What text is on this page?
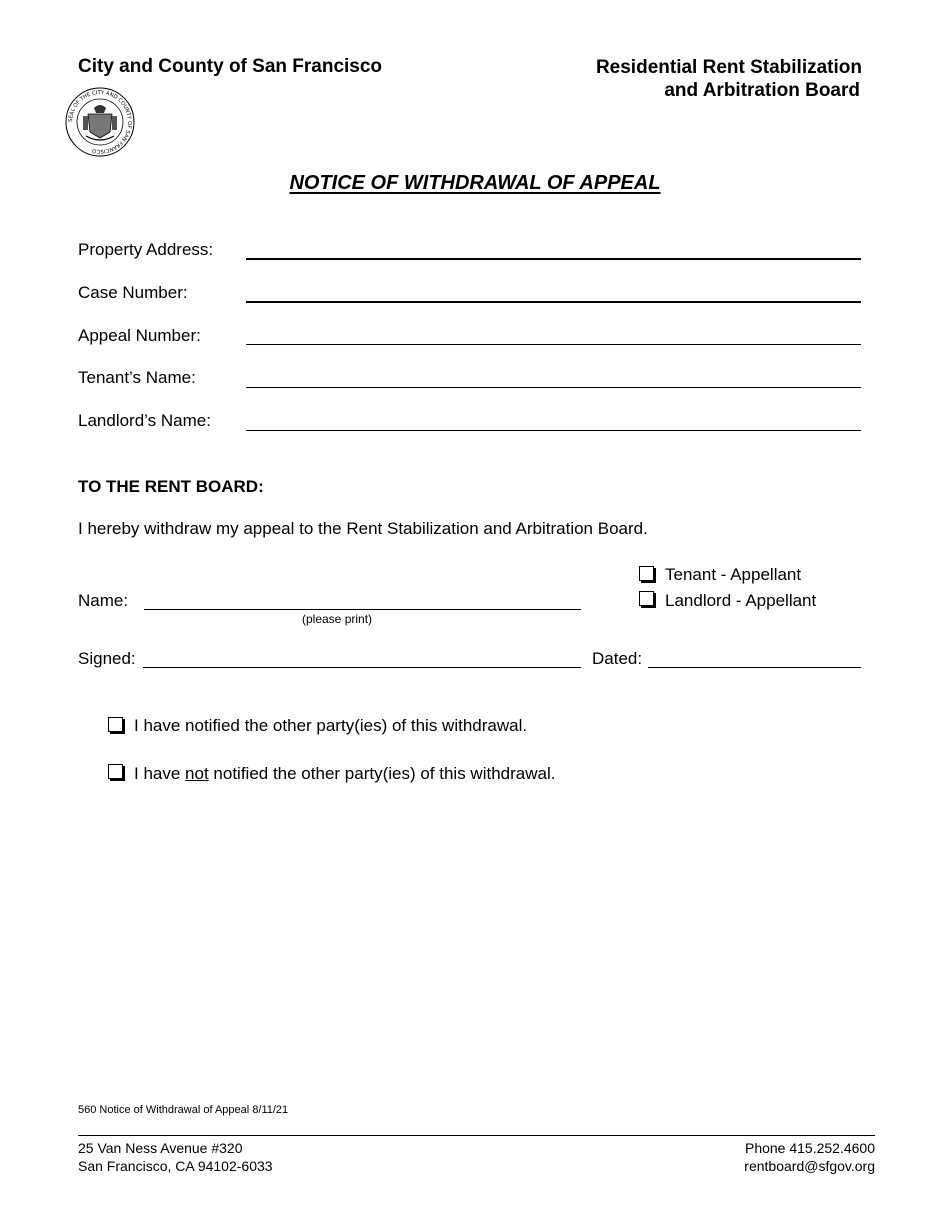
City and County of San Francisco	Residential Rent Stabilization
and Arbitration Board
SEAL OF THE CITY AND COUNTY OF SAN FRANCISCO
NOTICE OF WITHDRAWAL OF APPEAL
Property Address:
Case Number:
Appeal Number:
Tenant’s Name:
Landlord’s Name:
TO THE RENT BOARD:
I hereby withdraw my appeal to the Rent Stabilization and Arbitration Board.
Tenant - Appellant
Landlord - Appellant
Name:
(please print)
Signed:	Dated:
I have notified the other party(ies) of this withdrawal.
I have not notified the other party(ies) of this withdrawal.
560 Notice of Withdrawal of Appeal 8/11/21
25 Van Ness Avenue #320
San Francisco, CA 94102-6033
Phone 415.252.4600
rentboard@sfgov.org
